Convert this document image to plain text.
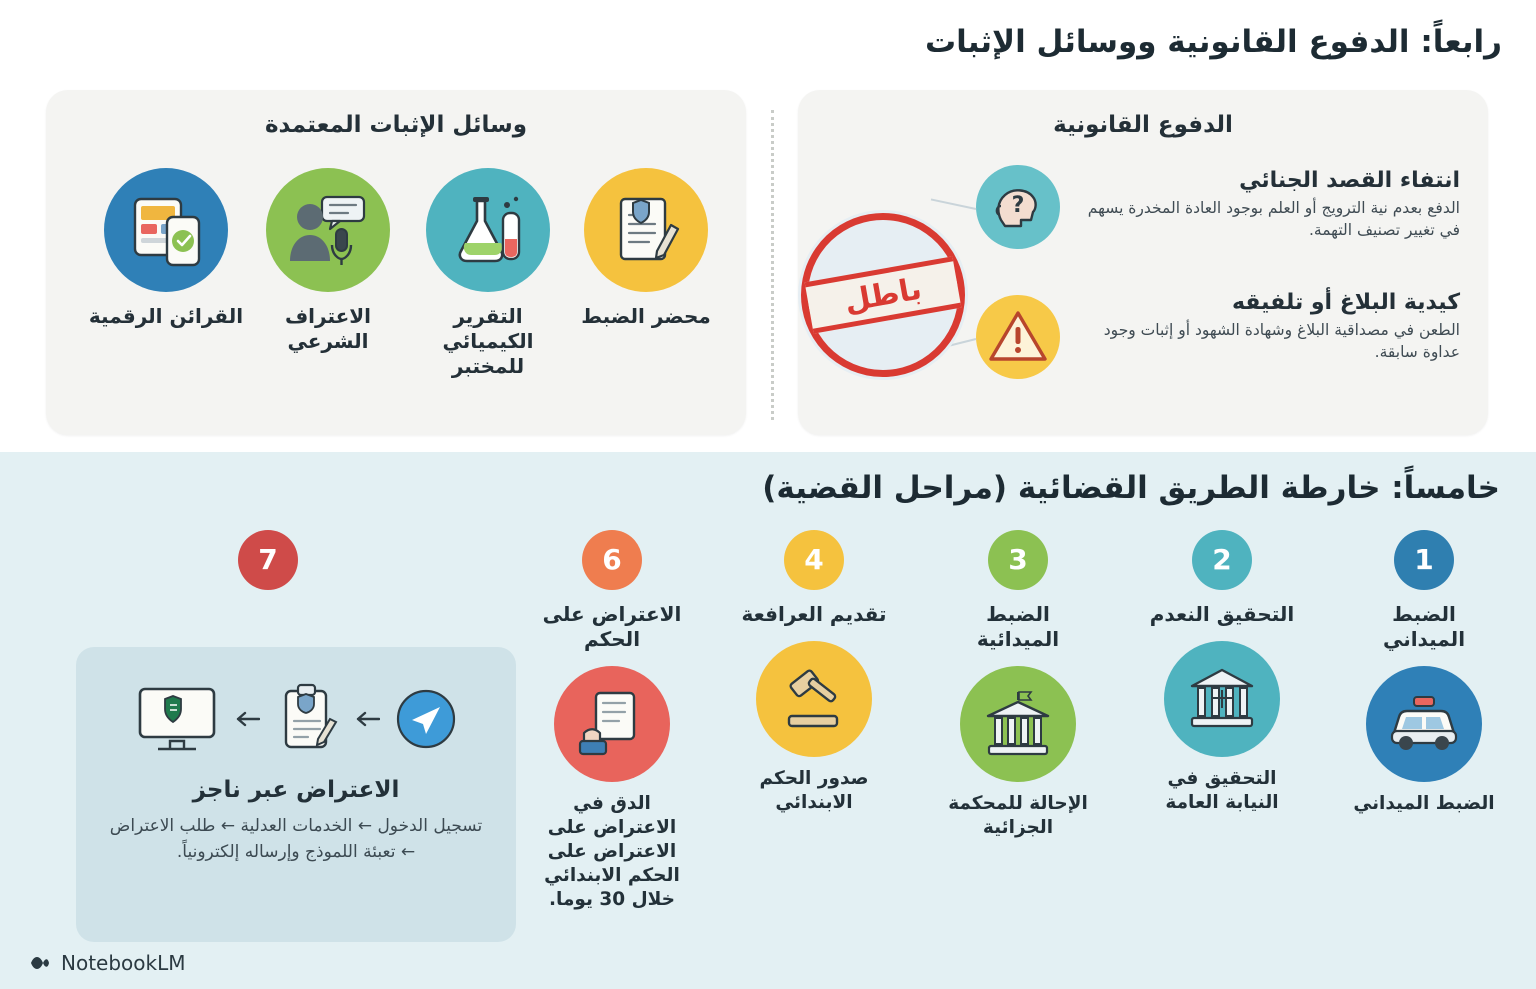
رابعاً: الدفوع القانونية ووسائل الإثبات
الدفوع القانونية
انتفاء القصد الجنائي
الدفع بعدم نية الترويج أو العلم بوجود العادة المخدرة يسهم في تغيير تصنيف التهمة.
كيدية البلاغ أو تلفيقه
الطعن في مصداقية البلاغ وشهادة الشهود أو إثبات وجود عداوة سابقة.
?
باطل
وسائل الإثبات المعتمدة
محضر الضبط
التقرير الكيميائي للمختبر
الاعتراف الشرعي
القرائن الرقمية
خامساً: خارطة الطريق القضائية (مراحل القضية)
1
الضبط الميداني
الضبط الميداني
2
التحقيق النعدم
التحقيق في النيابة العامة
3
الضبط الميدائية
الإحالة للمحكمة الجزائية
4
تقديم العرافعة
صدور الحكم الابندائي
6
الاعتراض على الحكم
الدق في الاعتراض على الاعتراض على الحكم الابندائي خلال 30 يوما.
7
الاعتراض عبر ناجز
تسجيل الدخول ← الخدمات العدلية ← طلب الاعتراض ← تعبئة اللموذج وإرساله إلكترونياً.
NotebookLM
